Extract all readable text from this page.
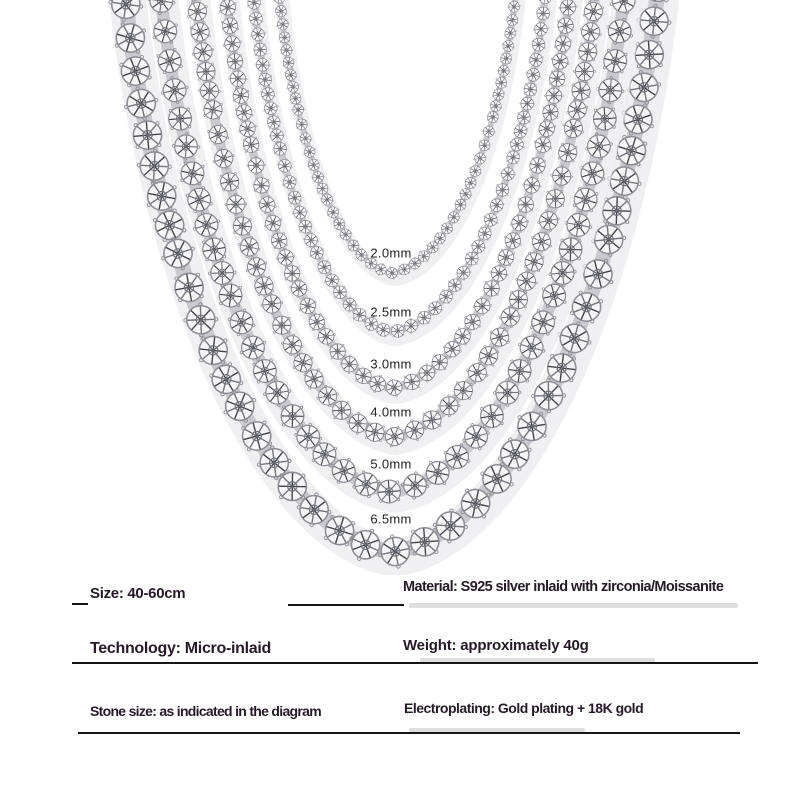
2.0mm
2.5mm
3.0mm
4.0mm
5.0mm
6.5mm
Size: 40-60cm	Material: S925 silver inlaid with zirconia/Moissanite
Technology: Micro-inlaid	Weight: approximately 40g
Stone size: as indicated in the diagram	Electroplating: Gold plating + 18K gold
